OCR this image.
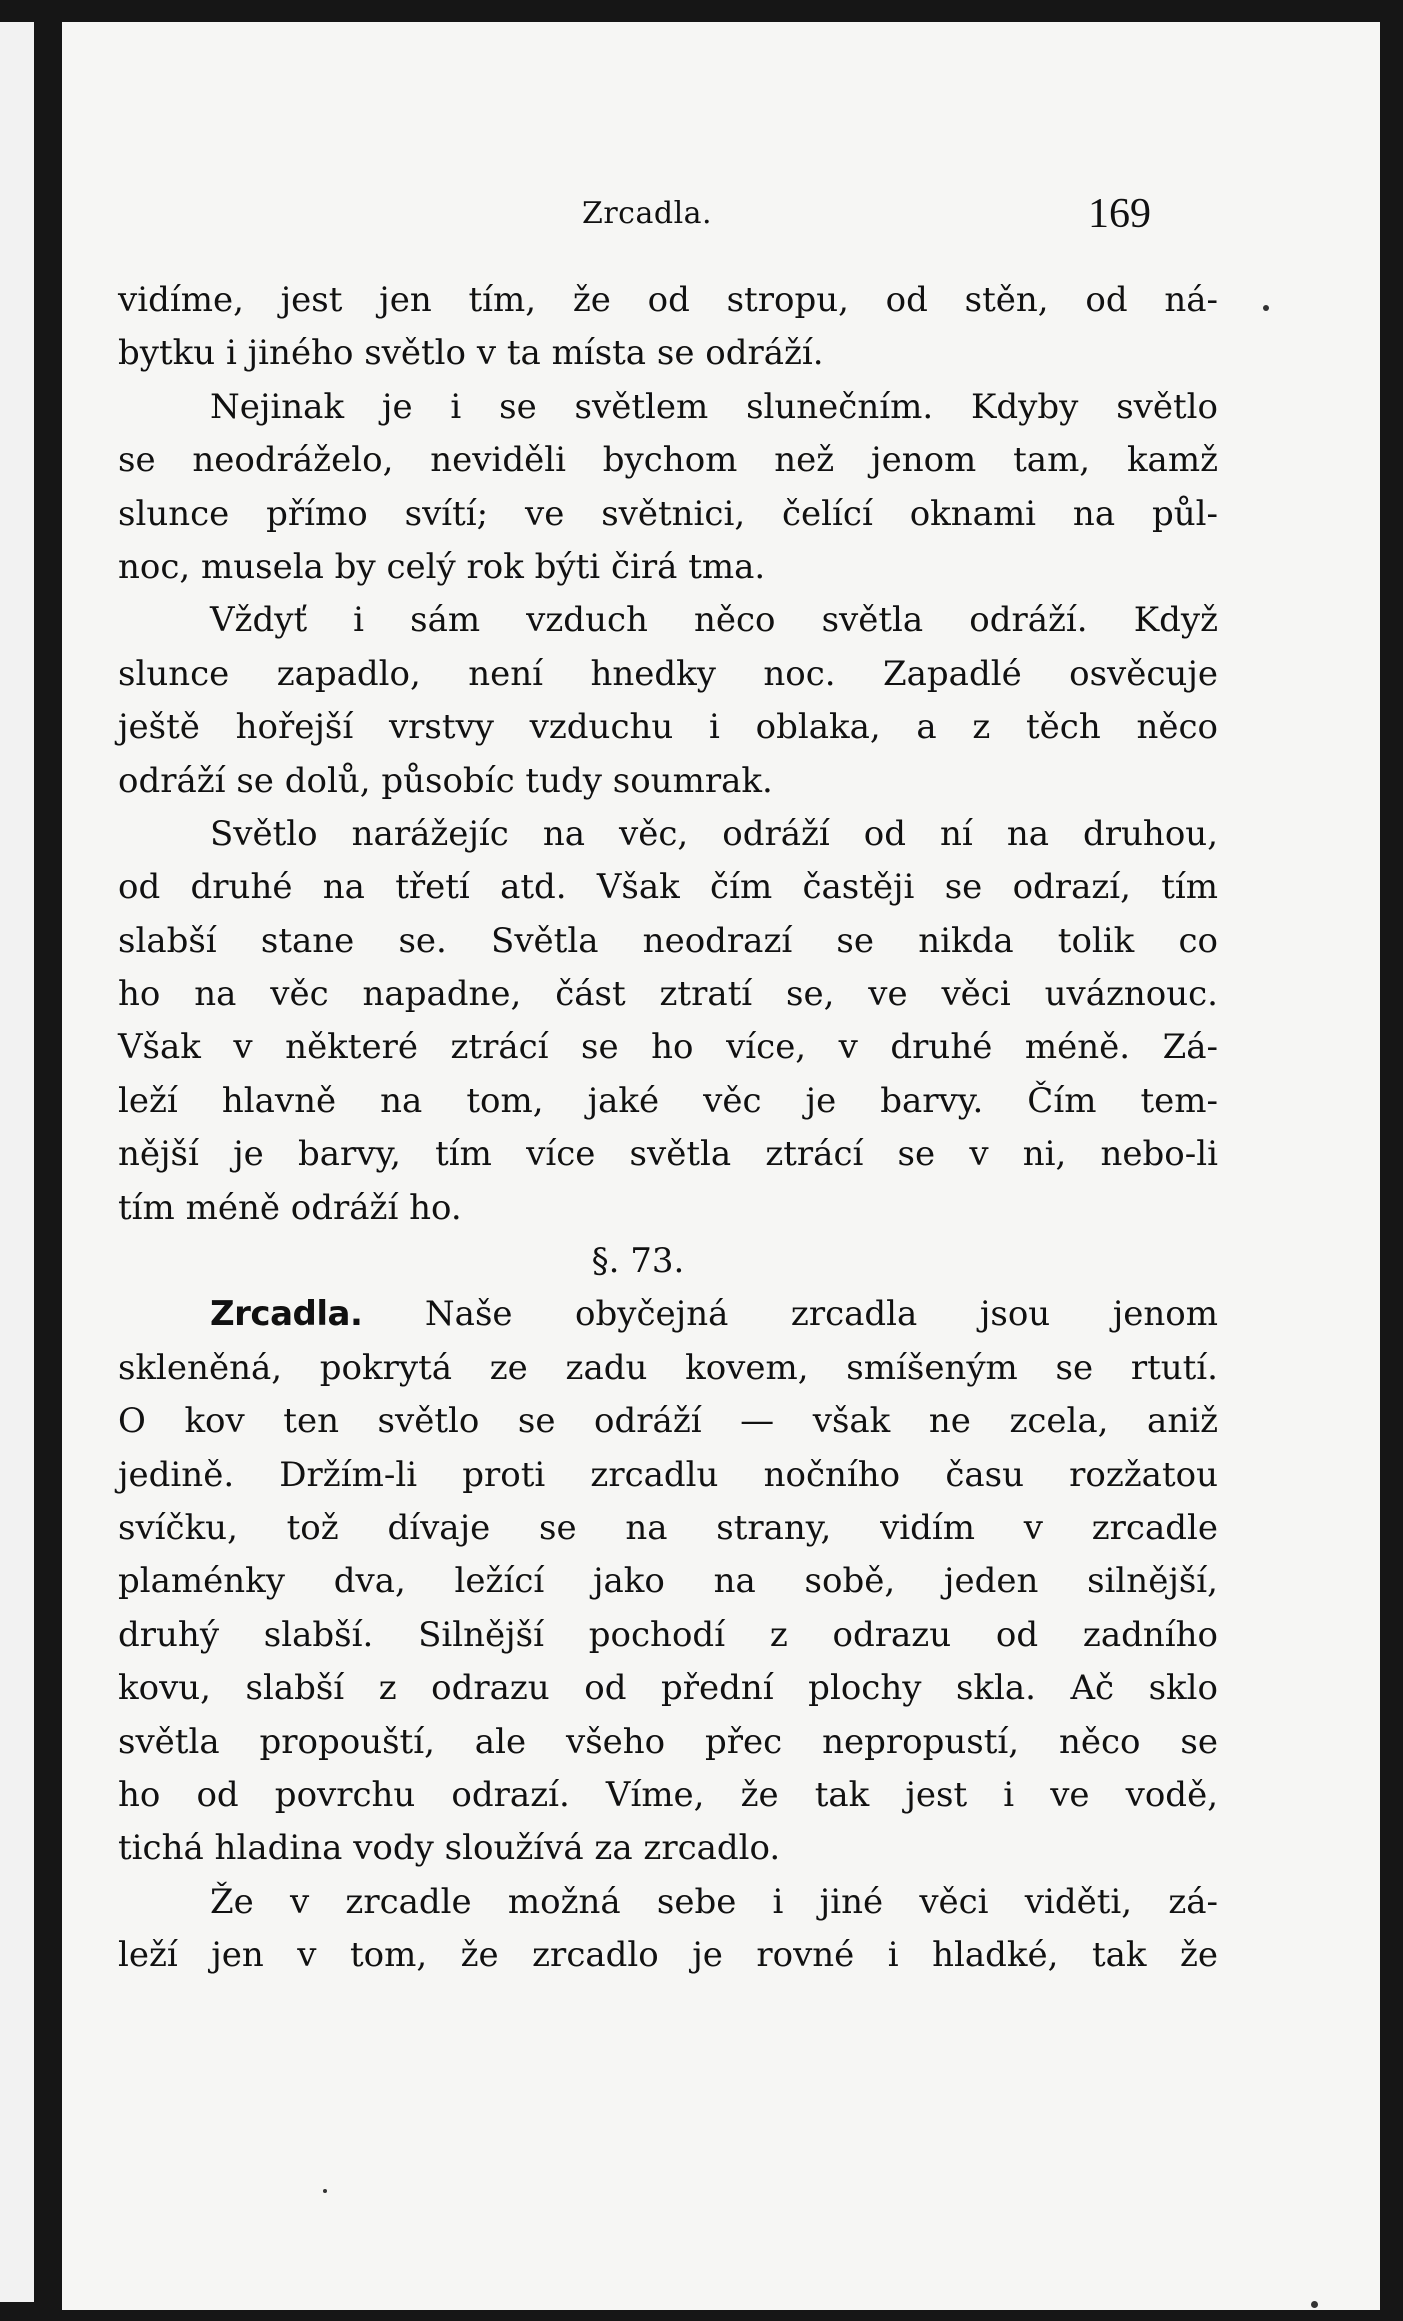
Zrcadla.	169
vidíme, jest jen tím, že od stropu, od stěn, od ná-
bytku i jiného světlo v ta místa se odráží.
Nejinak je i se světlem slunečním. Kdyby světlo
se neodráželo, neviděli bychom než jenom tam, kamž
slunce přímo svítí; ve světnici, čelící oknami na půl-
noc, musela by celý rok býti čirá tma.
Vždyť i sám vzduch něco světla odráží. Když
slunce zapadlo, není hnedky noc. Zapadlé osvěcuje
ještě hořejší vrstvy vzduchu i oblaka, a z těch něco
odráží se dolů, působíc tudy soumrak.
Světlo narážejíc na věc, odráží od ní na druhou,
od druhé na třetí atd. Však čím častěji se odrazí, tím
slabší stane se. Světla neodrazí se nikda tolik co
ho na věc napadne, část ztratí se, ve věci uváznouc.
Však v některé ztrácí se ho více, v druhé méně. Zá-
leží hlavně na tom, jaké věc je barvy. Čím tem-
nější je barvy, tím více světla ztrácí se v ni, nebo-li
tím méně odráží ho.
§. 73.
Zrcadla. Naše obyčejná zrcadla jsou jenom
skleněná, pokrytá ze zadu kovem, smíšeným se rtutí.
O kov ten světlo se odráží — však ne zcela, aniž
jedině. Držím-li proti zrcadlu nočního času rozžatou
svíčku, tož dívaje se na strany, vidím v zrcadle
plaménky dva, ležící jako na sobě, jeden silnější,
druhý slabší. Silnější pochodí z odrazu od zadního
kovu, slabší z odrazu od přední plochy skla. Ač sklo
světla propouští, ale všeho přec nepropustí, něco se
ho od povrchu odrazí. Víme, že tak jest i ve vodě,
tichá hladina vody sloužívá za zrcadlo.
Že v zrcadle možná sebe i jiné věci viděti, zá-
leží jen v tom, že zrcadlo je rovné i hladké, tak že
